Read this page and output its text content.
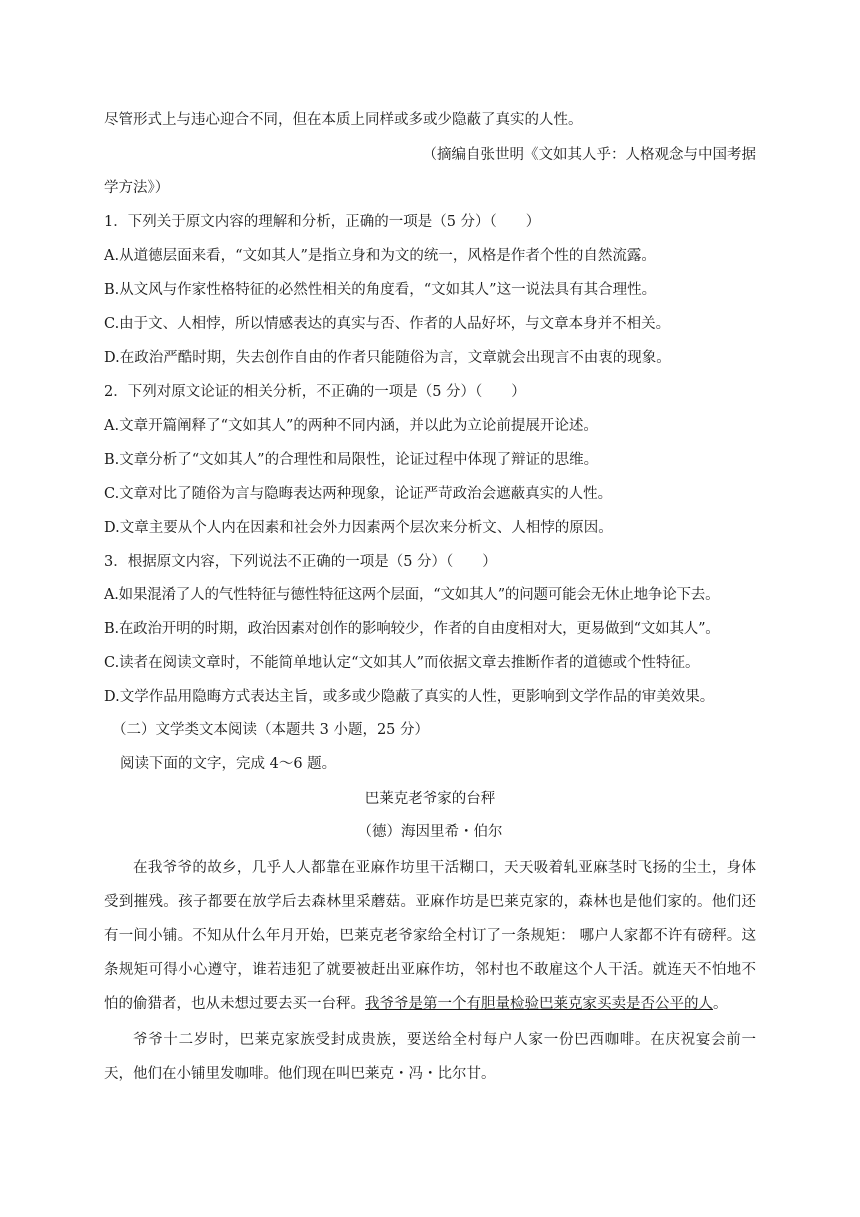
尽管形式上与违心迎合不同，但在本质上同样或多或少隐蔽了真实的人性。
（摘编自张世明《文如其人乎：人格观念与中国考据
学方法》）
1．下列关于原文内容的理解和分析，正确的一项是（5 分）（　　）
A.从道德层面来看，“文如其人”是指立身和为文的统一，风格是作者个性的自然流露。
B.从文风与作家性格特征的必然性相关的角度看，“文如其人”这一说法具有其合理性。
C.由于文、人相悖，所以情感表达的真实与否、作者的人品好坏，与文章本身并不相关。
D.在政治严酷时期，失去创作自由的作者只能随俗为言，文章就会出现言不由衷的现象。
2．下列对原文论证的相关分析，不正确的一项是（5 分）（　　）
A.文章开篇阐释了“文如其人”的两种不同内涵，并以此为立论前提展开论述。
B.文章分析了“文如其人”的合理性和局限性，论证过程中体现了辩证的思维。
C.文章对比了随俗为言与隐晦表达两种现象，论证严苛政治会遮蔽真实的人性。
D.文章主要从个人内在因素和社会外力因素两个层次来分析文、人相悖的原因。
3．根据原文内容，下列说法不正确的一项是（5 分）（　　）
A.如果混淆了人的气性特征与德性特征这两个层面，“文如其人”的问题可能会无休止地争论下去。
B.在政治开明的时期，政治因素对创作的影响较少，作者的自由度相对大，更易做到“文如其人”。
C.读者在阅读文章时，不能简单地认定“文如其人”而依据文章去推断作者的道德或个性特征。
D.文学作品用隐晦方式表达主旨，或多或少隐蔽了真实的人性，更影响到文学作品的审美效果。
（二）文学类文本阅读（本题共 3 小题，25 分）
阅读下面的文字，完成 4～6 题。
巴莱克老爷家的台秤
（德）海因里希・伯尔

在我爷爷的故乡，几乎人人都靠在亚麻作坊里干活糊口，天天吸着轧亚麻茎时飞扬的尘土，身体受到摧残。孩子都要在放学后去森林里采蘑菇。亚麻作坊是巴莱克家的，森林也是他们家的。他们还有一间小铺。不知从什么年月开始，巴莱克老爷家给全村订了一条规矩： 哪户人家都不许有磅秤。这条规矩可得小心遵守，谁若违犯了就要被赶出亚麻作坊，邻村也不敢雇这个人干活。就连天不怕地不怕的偷猎者，也从未想过要去买一台秤。我爷爷是第一个有胆量检验巴莱克家买卖是否公平的人。

爷爷十二岁时，巴莱克家族受封成贵族，要送给全村每户人家一份巴西咖啡。在庆祝宴会前一天，他们在小铺里发咖啡。他们现在叫巴莱克・冯・比尔甘。
